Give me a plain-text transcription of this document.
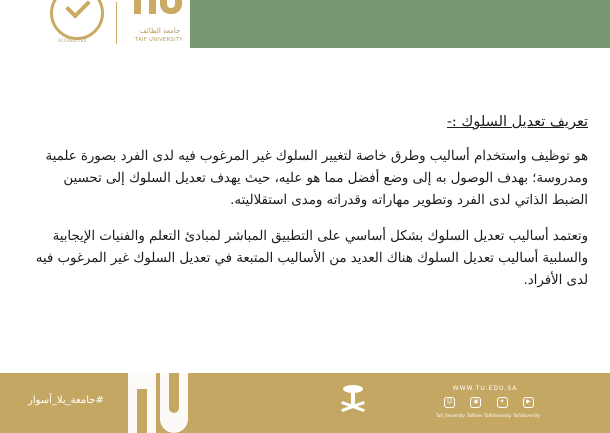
ACCREDITED
جامعة الطائف
TAIF UNIVERSITY
تعريف تعديل السلوك :-

هو توظيف واستخدام أساليب وطرق خاصة لتغيير السلوك غير المرغوب فيه لدى الفرد بصورة علمية ومدروسة؛ بهدف الوصول به إلى وضع أفضل مما هو عليه، حيث يهدف تعديل السلوك إلى تحسين الضبط الذاتي لدى الفرد وتطوير مهاراته وقدراته ومدى استقلاليته.

وتعتمد أساليب تعديل السلوك بشكل أساسي على التطبيق المباشر لمبادئ التعلم والفنيات الإيجابية والسلبية أساليب تعديل السلوك هناك العديد من الأساليب المتبعة في تعديل السلوك غير المرغوب فيه لدى الأفراد.

#جامعة_بلا_أسوار
WWW.TU.EDU.SA
☺	◉	✦	▶
Taif_University TaifUniv TaifUniversity TaifUniversity
